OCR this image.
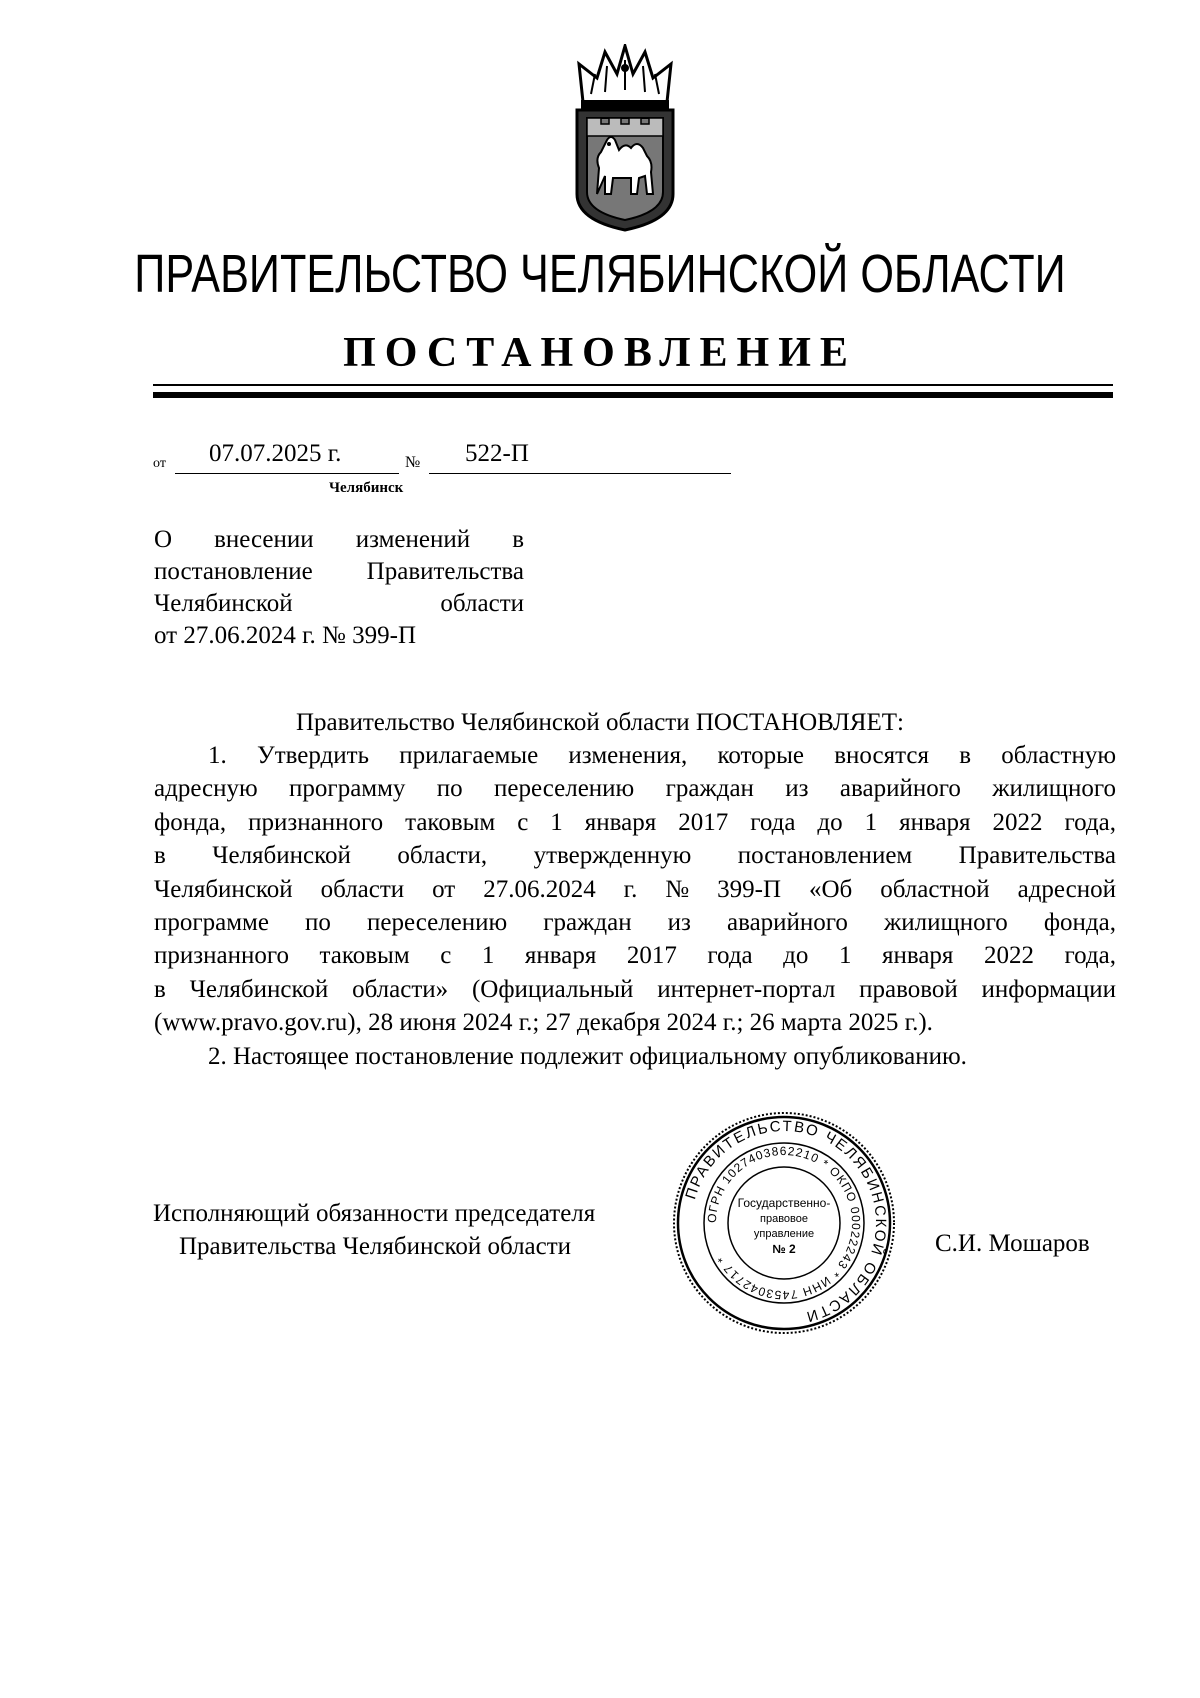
ПРАВИТЕЛЬСТВО ЧЕЛЯБИНСКОЙ ОБЛАСТИ
ПОСТАНОВЛЕНИЕ
от 07.07.2025 г.	№ 522-П
Челябинск
О внесении изменений в
постановление Правительства
Челябинской области
от 27.06.2024 г. № 399-П
Правительство Челябинской области ПОСТАНОВЛЯЕТ:
1. Утвердить прилагаемые изменения, которые вносятся в областную
адресную программу по переселению граждан из аварийного жилищного
фонда, признанного таковым с 1 января 2017 года до 1 января 2022 года,
в Челябинской области, утвержденную постановлением Правительства
Челябинской области от 27.06.2024 г. № 399-П «Об областной адресной
программе по переселению граждан из аварийного жилищного фонда,
признанного таковым с 1 января 2017 года до 1 января 2022 года,
в Челябинской области» (Официальный интернет-портал правовой информации
(www.pravo.gov.ru), 28 июня 2024 г.; 27 декабря 2024 г.; 26 марта 2025 г.).
2. Настоящее постановление подлежит официальному опубликованию.
Исполняющий обязанности председателя
Правительства Челябинской области	С.И. Мошаров
ПРАВИТЕЛЬСТВО ЧЕЛЯБИНСКОЙ ОБЛАСТИ
ОГРН 1027403862210 * ОКПО 00022243 * ИНН 7453042717 *
Государственно-
правовое
управление
№ 2
